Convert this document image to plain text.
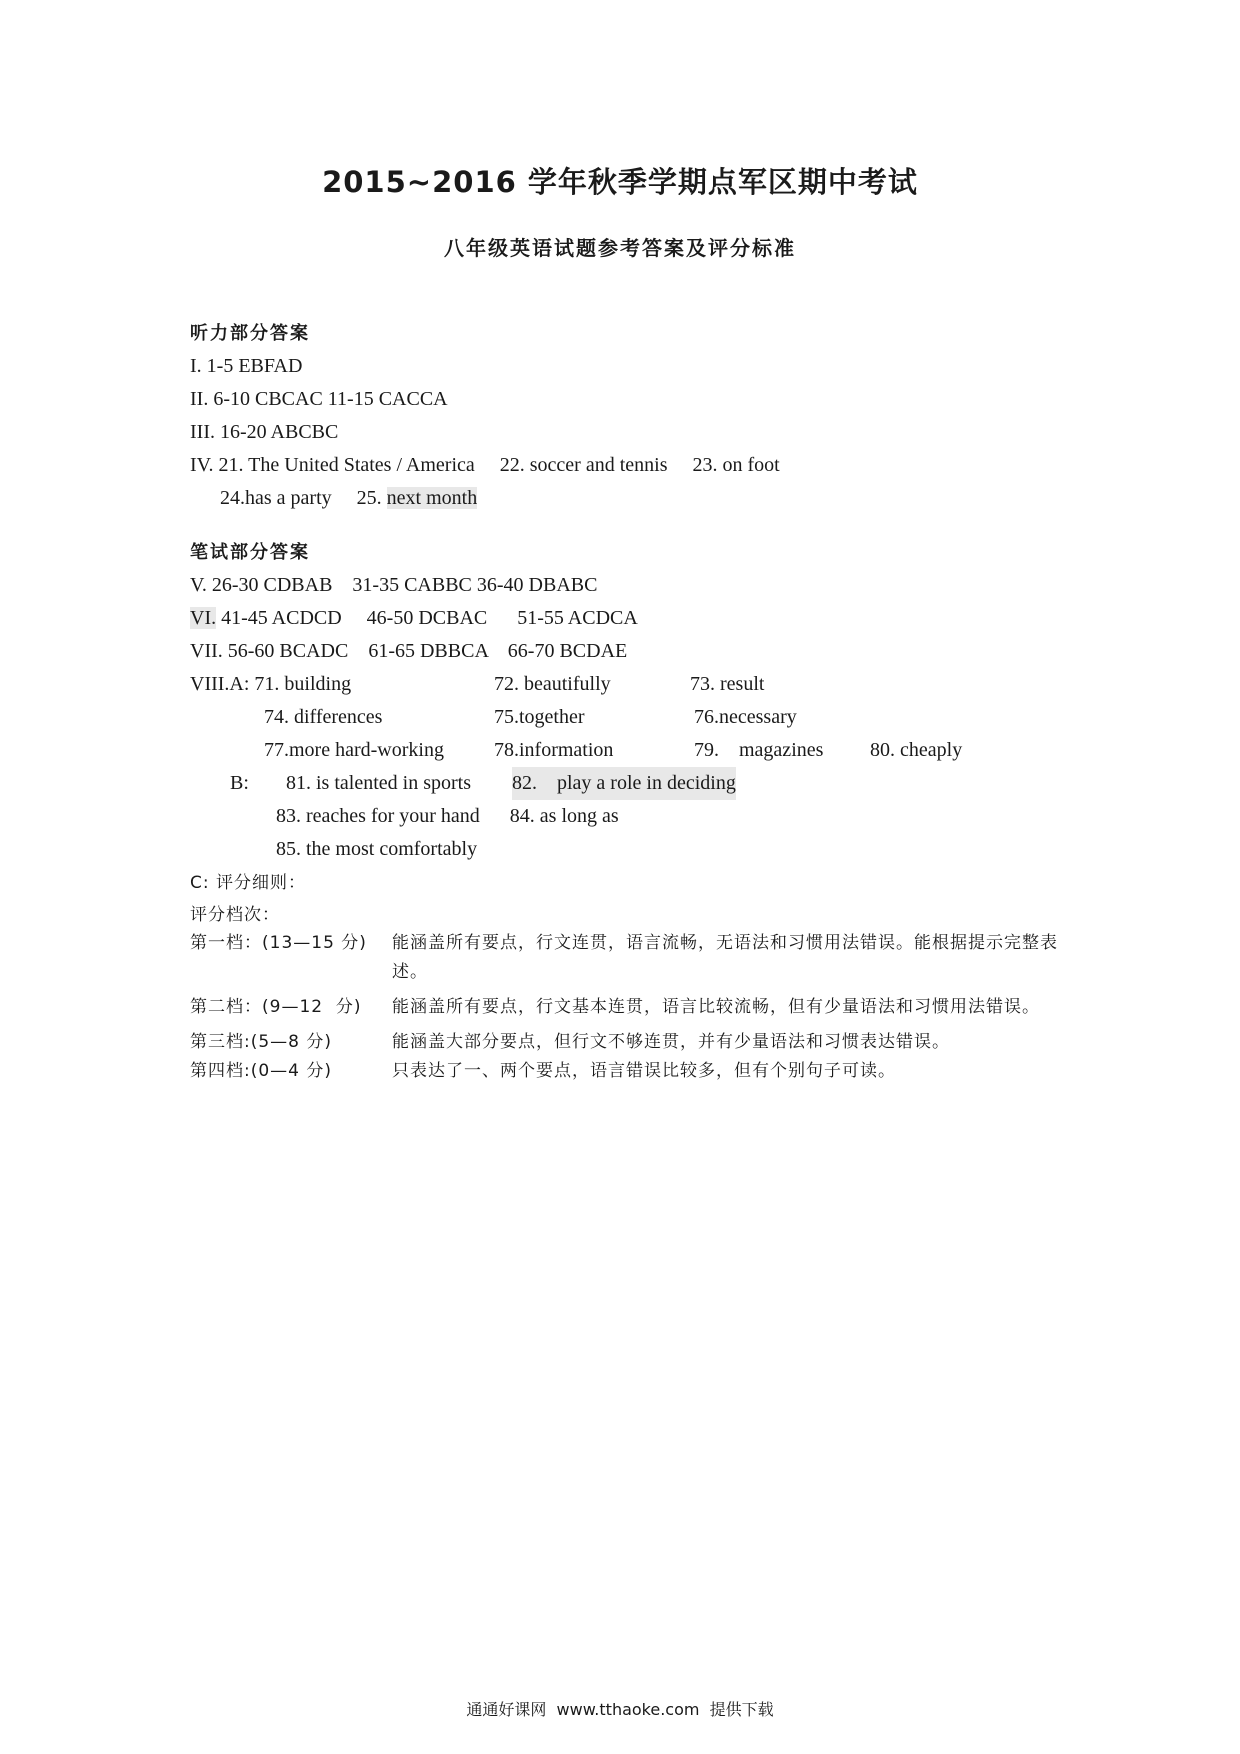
2015~2016 学年秋季学期点军区期中考试
八年级英语试题参考答案及评分标准
听力部分答案
I. 1-5 EBFAD
II. 6-10 CBCAC 11-15 CACCA
III. 16-20 ABCBC
IV. 21. The United States / America     22. soccer and tennis     23. on foot
24.has a party     25. next month
笔试部分答案
V. 26-30 CDBAB    31-35 CABBC 36-40 DBABC
VI. 41-45 ACDCD     46-50 DCBAC      51-55 ACDCA
VII. 56-60 BCADC    61-65 DBBCA    66-70 BCDAE
VIII.A: 71. building	72. beautifully	73. result
74. differences	75.together	76.necessary
77.more hard-working	78.information	79.    magazines 80. cheaply
B: 81. is talented in sports 82.    play a role in deciding
83. reaches for your hand      84. as long as
85. the most comfortably
C: 评分细则：
评分档次：
第一档：(13—15 分) 能涵盖所有要点，行文连贯，语言流畅，无语法和习惯用法错误。能根据提示完整表述。
第二档：(9—12  分) 能涵盖所有要点，行文基本连贯，语言比较流畅，但有少量语法和习惯用法错误。
第三档:(5—8 分)	能涵盖大部分要点，但行文不够连贯，并有少量语法和习惯表达错误。
第四档:(0—4 分)	只表达了一、两个要点，语言错误比较多，但有个别句子可读。
通通好课网  www.tthaoke.com  提供下载
